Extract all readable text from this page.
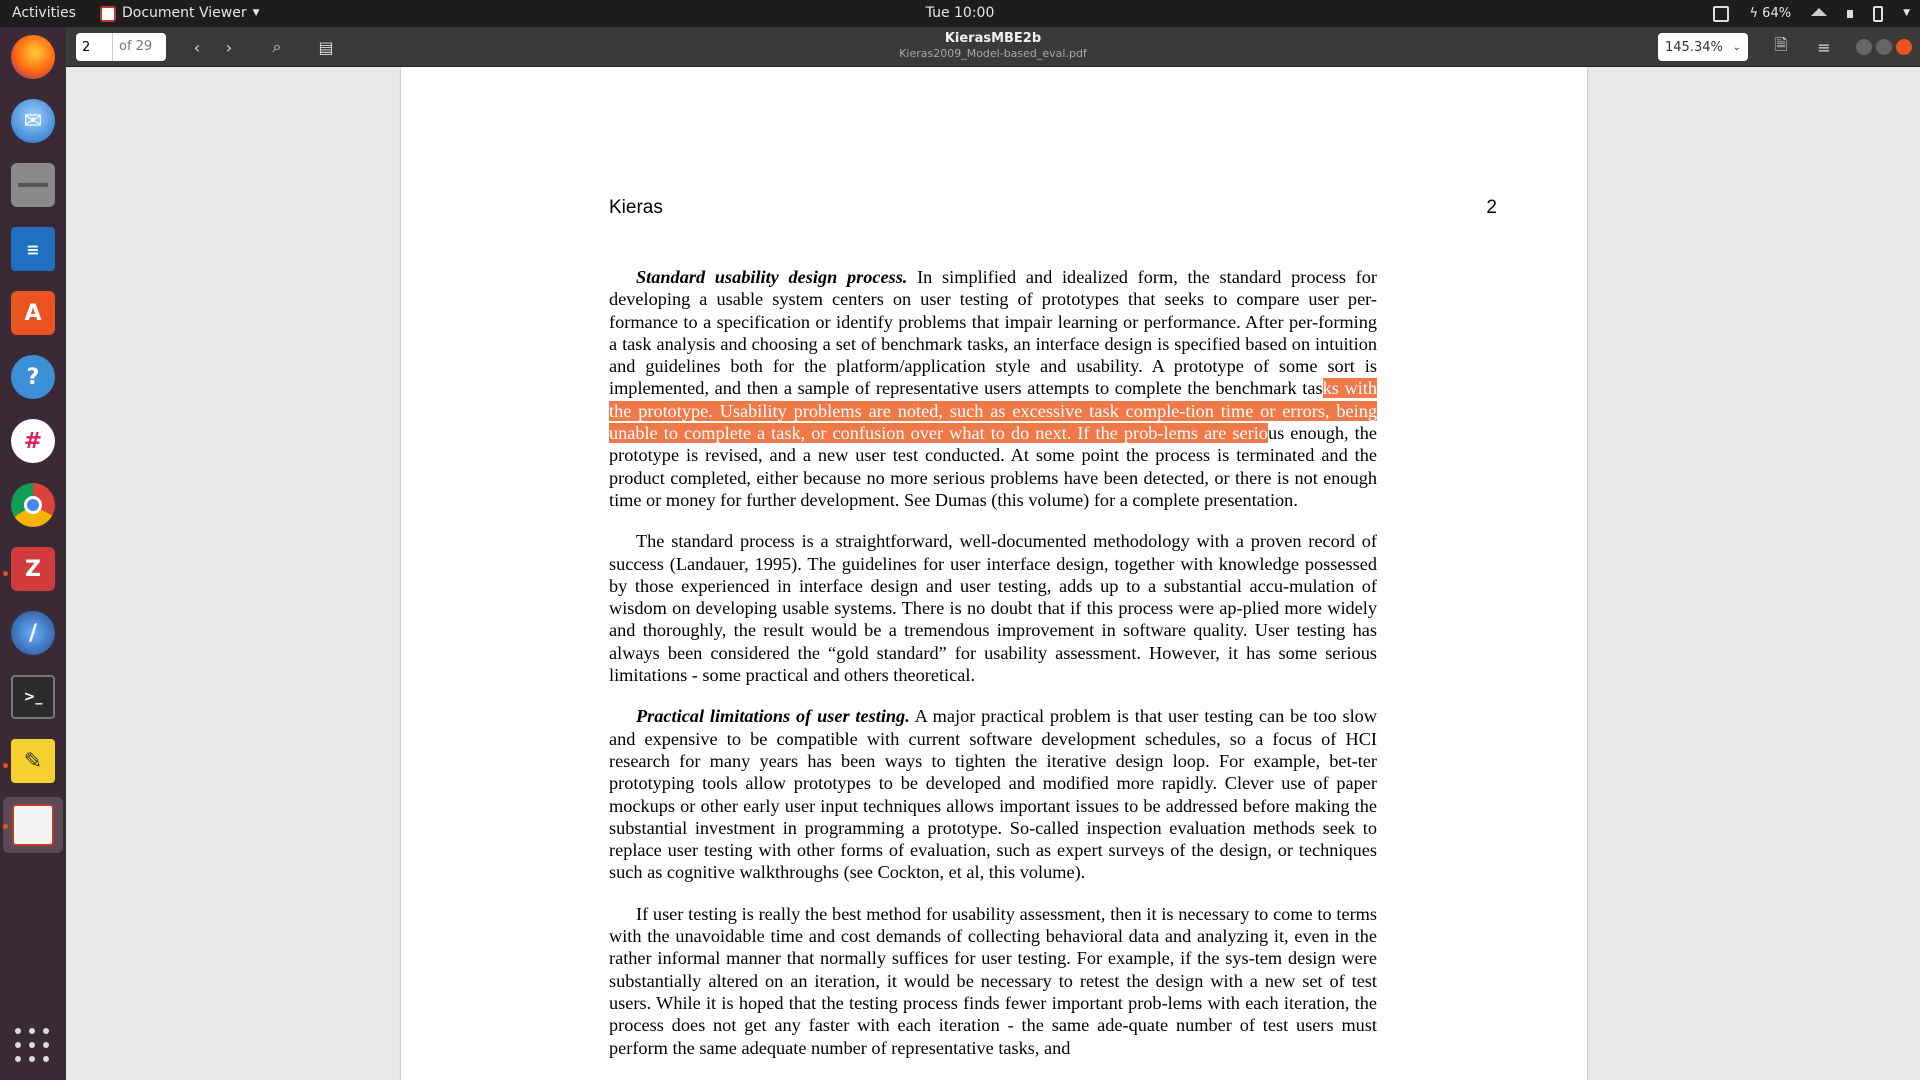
Activities	Document Viewer ▼	Tue 10:00	ϟ 64%	▼
✉
≡
A
?
#
Z
/
>_
✎
2
of 29	‹	›	⌕ ▤	KierasMBE2b
Kieras2009_Model-based_eval.pdf	145.34% ⌄ 🗎 ≡
Kieras	2

Standard usability design process. In simplified and idealized form, the standard process for developing a usable system centers on user testing of prototypes that seeks to compare user per-formance to a specification or identify problems that impair learning or performance. After per-forming a task analysis and choosing a set of benchmark tasks, an interface design is specified based on intuition and guidelines both for the platform/application style and usability. A prototype of some sort is implemented, and then a sample of representative users attempts to complete the benchmark tasks with the prototype. Usability problems are noted, such as excessive task comple-tion time or errors, being unable to complete a task, or confusion over what to do next. If the prob-lems are serious enough, the prototype is revised, and a new user test conducted. At some point the process is terminated and the product completed, either because no more serious problems have been detected, or there is not enough time or money for further development. See Dumas (this volume) for a complete presentation.

The standard process is a straightforward, well-documented methodology with a proven record of success (Landauer, 1995). The guidelines for user interface design, together with knowledge possessed by those experienced in interface design and user testing, adds up to a substantial accu-mulation of wisdom on developing usable systems. There is no doubt that if this process were ap-plied more widely and thoroughly, the result would be a tremendous improvement in software quality. User testing has always been considered the “gold standard” for usability assessment. However, it has some serious limitations - some practical and others theoretical.

Practical limitations of user testing. A major practical problem is that user testing can be too slow and expensive to be compatible with current software development schedules, so a focus of HCI research for many years has been ways to tighten the iterative design loop. For example, bet-ter prototyping tools allow prototypes to be developed and modified more rapidly. Clever use of paper mockups or other early user input techniques allows important issues to be addressed before making the substantial investment in programming a prototype. So-called inspection evaluation methods seek to replace user testing with other forms of evaluation, such as expert surveys of the design, or techniques such as cognitive walkthroughs (see Cockton, et al, this volume).

If user testing is really the best method for usability assessment, then it is necessary to come to terms with the unavoidable time and cost demands of collecting behavioral data and analyzing it, even in the rather informal manner that normally suffices for user testing. For example, if the sys-tem design were substantially altered on an iteration, it would be necessary to retest the design with a new set of test users. While it is hoped that the testing process finds fewer important prob-lems with each iteration, the process does not get any faster with each iteration - the same ade-quate number of test users must perform the same adequate number of representative tasks, and
